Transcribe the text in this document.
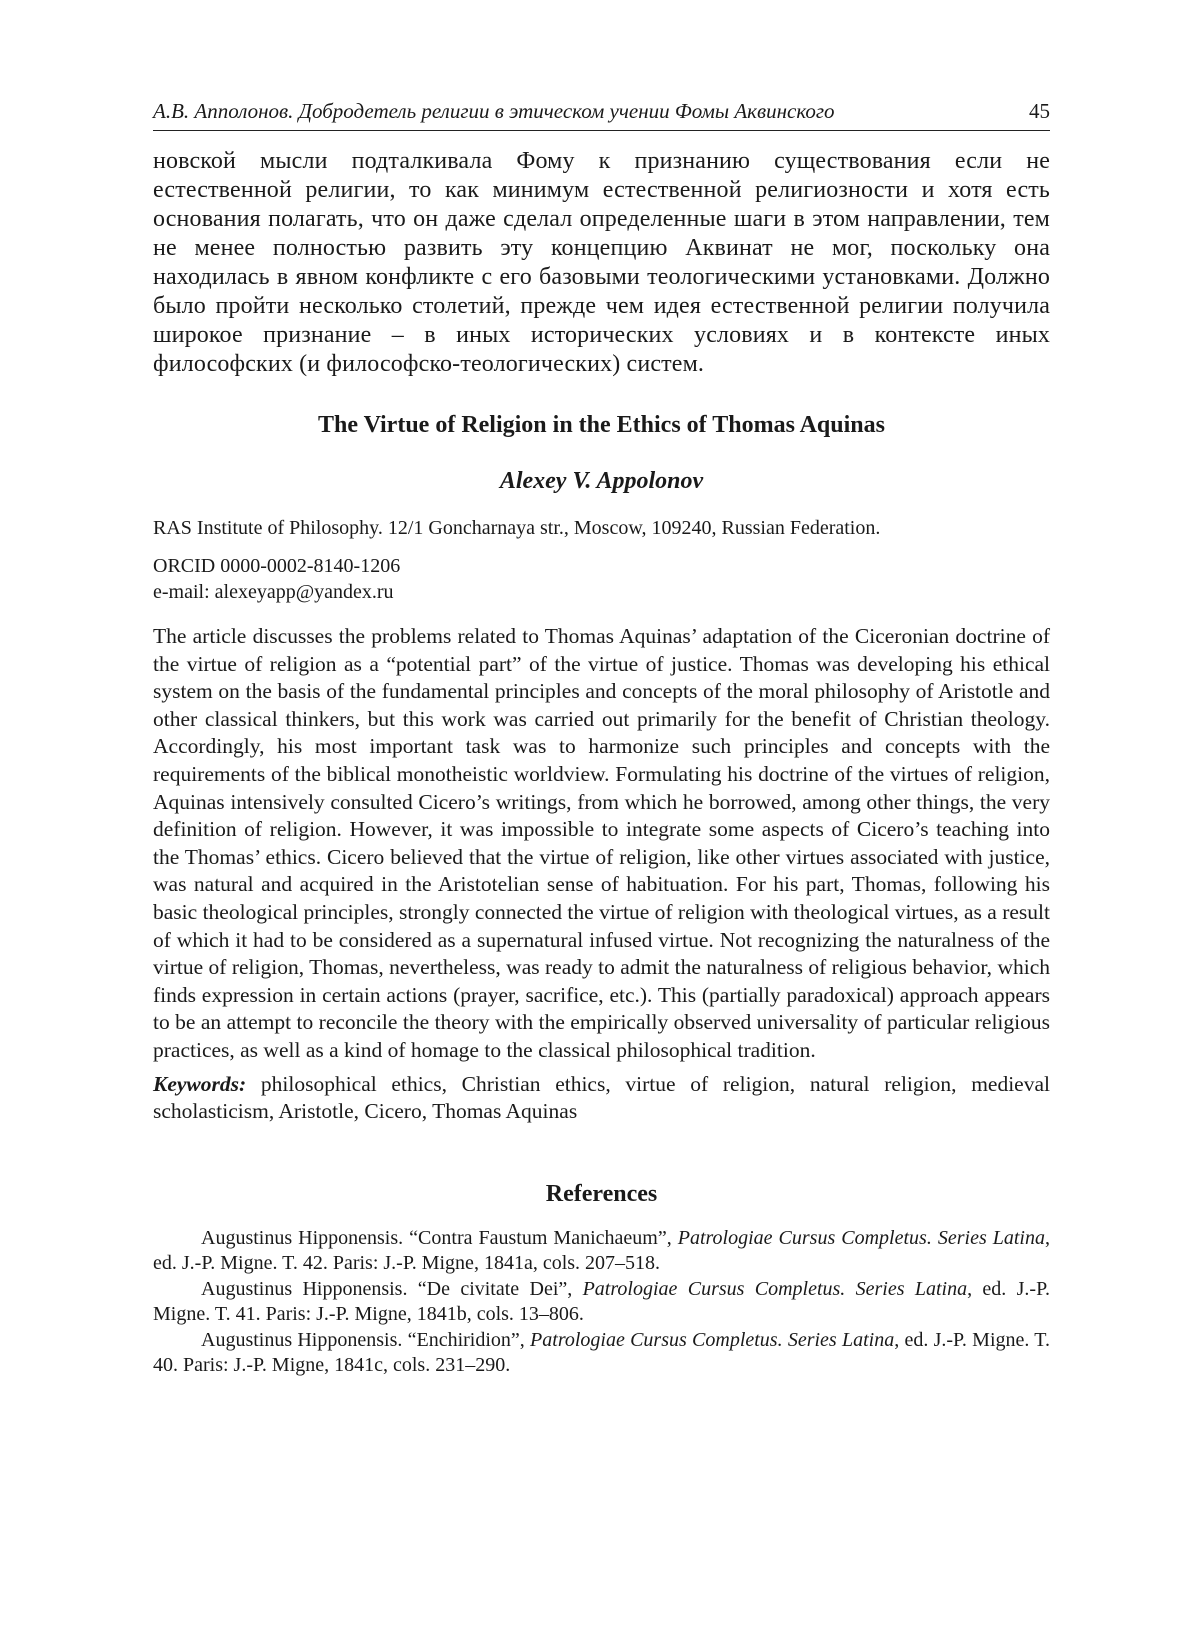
А.В. Апполонов. Добродетель религии в этическом учении Фомы Аквинского	45

новской мысли подталкивала Фому к признанию существования если не естественной религии, то как минимум естественной религиозности и хотя есть основания полагать, что он даже сделал определенные шаги в этом направлении, тем не менее полностью развить эту концепцию Аквинат не мог, поскольку она находилась в явном конфликте с его базовыми теологическими установками. Должно было пройти несколько столетий, прежде чем идея естественной религии получила широкое признание – в иных исторических условиях и в контексте иных философских (и философско-теологических) систем.

The Virtue of Religion in the Ethics of Thomas Aquinas
Alexey V. Appolonov
RAS Institute of Philosophy. 12/1 Goncharnaya str., Moscow, 109240, Russian Federation.
ORCID 0000-0002-8140-1206
e-mail: alexeyapp@yandex.ru

The article discusses the problems related to Thomas Aquinas’ adaptation of the Ciceronian doctrine of the virtue of religion as a “potential part” of the virtue of justice. Thomas was developing his ethical system on the basis of the fundamental principles and concepts of the moral philosophy of Aristotle and other classical thinkers, but this work was carried out primarily for the benefit of Christian theology. Accordingly, his most important task was to harmonize such principles and concepts with the requirements of the biblical monotheistic worldview. Formulating his doctrine of the virtues of religion, Aquinas intensively consulted Cicero’s writings, from which he borrowed, among other things, the very definition of religion. However, it was impossible to integrate some aspects of Cicero’s teaching into the Thomas’ ethics. Cicero believed that the virtue of religion, like other virtues associated with justice, was natural and acquired in the Aristotelian sense of habituation. For his part, Thomas, following his basic theological principles, strongly connected the virtue of religion with theological virtues, as a result of which it had to be considered as a supernatural infused virtue. Not recognizing the naturalness of the virtue of religion, Thomas, nevertheless, was ready to admit the naturalness of religious behavior, which finds expression in certain actions (prayer, sacrifice, etc.). This (partially paradoxical) approach appears to be an attempt to reconcile the theory with the empirically observed universality of particular religious practices, as well as a kind of homage to the classical philosophical tradition.

Keywords: philosophical ethics, Christian ethics, virtue of religion, natural religion, medieval scholasticism, Aristotle, Cicero, Thomas Aquinas

References
Augustinus Hipponensis. “Contra Faustum Manichaeum”, Patrologiae Cursus Completus. Series Latina, ed. J.-P. Migne. T. 42. Paris: J.-P. Migne, 1841a, cols. 207–518.
Augustinus Hipponensis. “De civitate Dei”, Patrologiae Cursus Completus. Series Latina, ed. J.-P. Migne. T. 41. Paris: J.-P. Migne, 1841b, cols. 13–806.
Augustinus Hipponensis. “Enchiridion”, Patrologiae Cursus Completus. Series Latina, ed. J.-P. Migne. T. 40. Paris: J.-P. Migne, 1841c, cols. 231–290.
